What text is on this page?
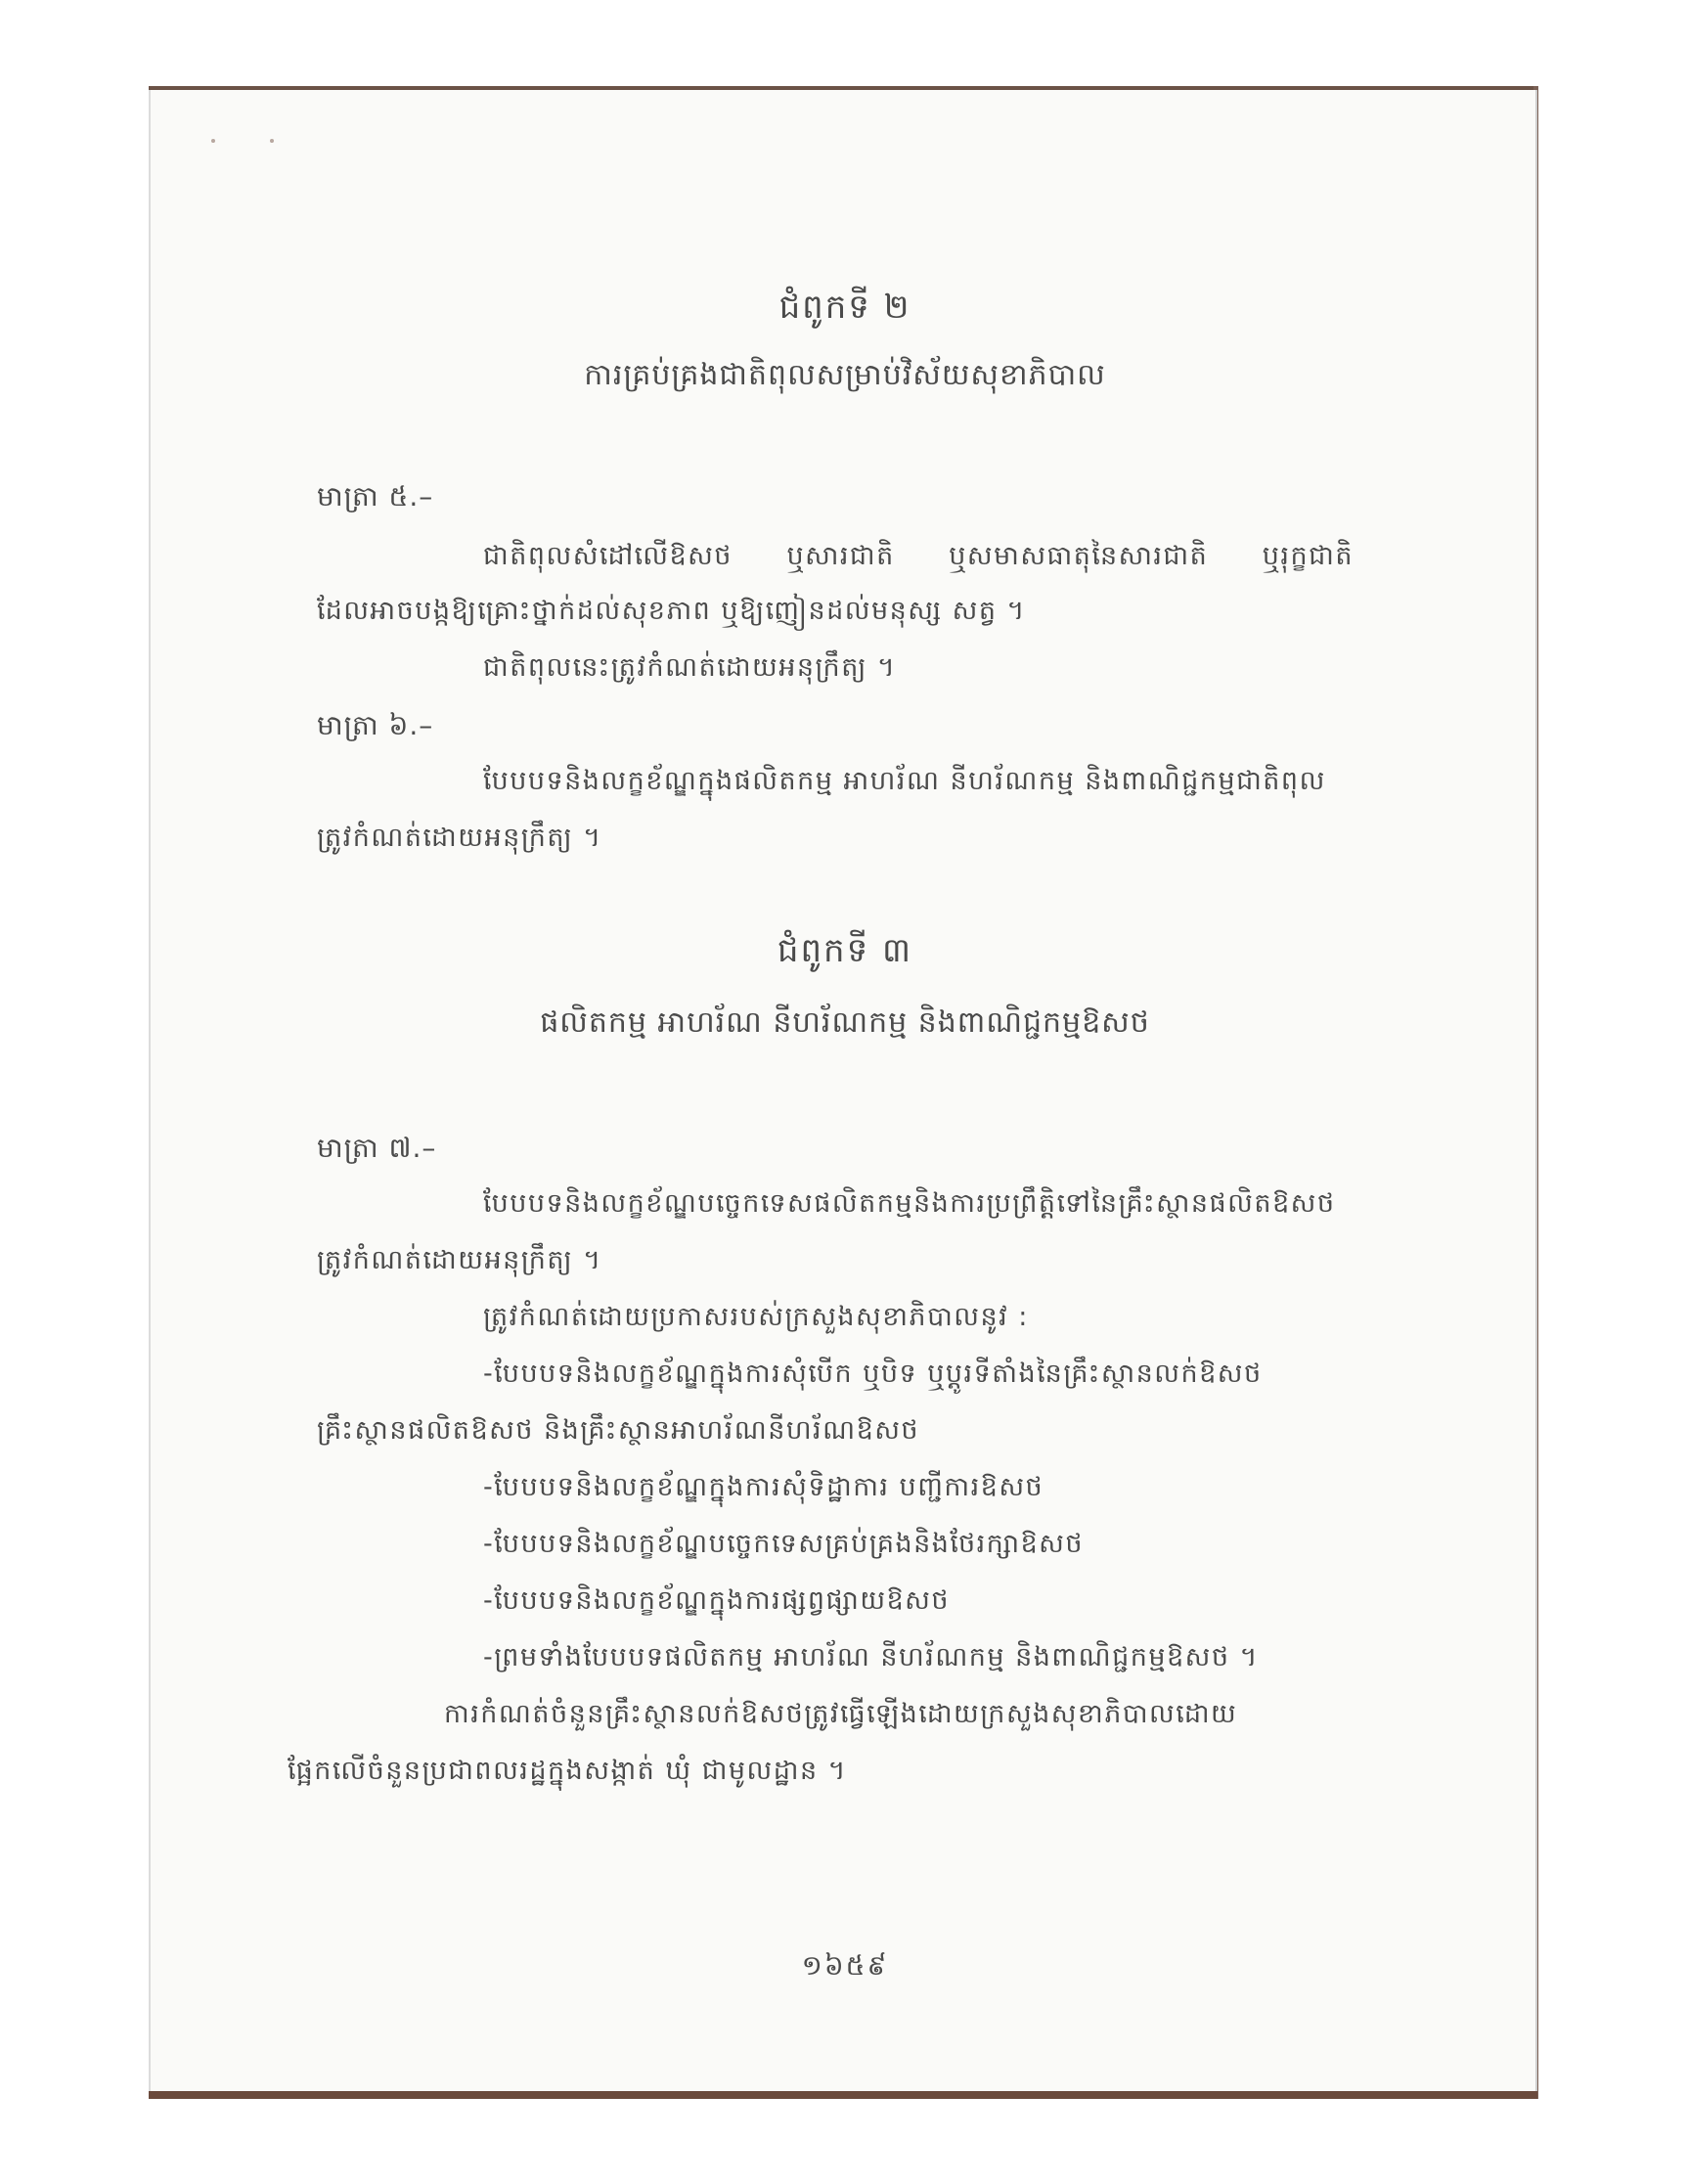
ជំពូកទី ២
ការគ្រប់គ្រងជាតិពុលសម្រាប់វិស័យសុខាភិបាល
មាត្រា ៥.–
ជាតិពុលសំដៅលើឱសថ ឬសារជាតិ ឬសមាសធាតុនៃសារជាតិ ឬរុក្ខជាតិ
ដែលអាចបង្កឱ្យគ្រោះថ្នាក់ដល់សុខភាព ឬឱ្យញៀនដល់មនុស្ស សត្វ ។
ជាតិពុលនេះត្រូវកំណត់ដោយអនុក្រឹត្យ ។
មាត្រា ៦.–
បែបបទនិងលក្ខខ័ណ្ឌក្នុងផលិតកម្ម អាហរ័ណ នីហរ័ណកម្ម និងពាណិជ្ជកម្មជាតិពុល
ត្រូវកំណត់ដោយអនុក្រឹត្យ ។
ជំពូកទី ៣
ផលិតកម្ម អាហរ័ណ នីហរ័ណកម្ម និងពាណិជ្ជកម្មឱសថ
មាត្រា ៧.–
បែបបទនិងលក្ខខ័ណ្ឌបច្ចេកទេសផលិតកម្មនិងការប្រព្រឹត្តិទៅនៃគ្រឹះស្ថានផលិតឱសថ
ត្រូវកំណត់ដោយអនុក្រឹត្យ ។
ត្រូវកំណត់ដោយប្រកាសរបស់ក្រសួងសុខាភិបាលនូវ :
-បែបបទនិងលក្ខខ័ណ្ឌក្នុងការសុំបើក ឬបិទ ឬប្តូរទីតាំងនៃគ្រឹះស្ថានលក់ឱសថ
គ្រឹះស្ថានផលិតឱសថ និងគ្រឹះស្ថានអាហរ័ណនីហរ័ណឱសថ
-បែបបទនិងលក្ខខ័ណ្ឌក្នុងការសុំទិដ្ឋាការ បញ្ជីការឱសថ
-បែបបទនិងលក្ខខ័ណ្ឌបច្ចេកទេសគ្រប់គ្រងនិងថែរក្សាឱសថ
-បែបបទនិងលក្ខខ័ណ្ឌក្នុងការផ្សព្វផ្សាយឱសថ
-ព្រមទាំងបែបបទផលិតកម្ម អាហរ័ណ នីហរ័ណកម្ម និងពាណិជ្ជកម្មឱសថ ។
ការកំណត់ចំនួនគ្រឹះស្ថានលក់ឱសថត្រូវធ្វើឡើងដោយក្រសួងសុខាភិបាលដោយ
ផ្អែកលើចំនួនប្រជាពលរដ្ឋក្នុងសង្កាត់ ឃុំ ជាមូលដ្ឋាន ។
១៦៥៩
